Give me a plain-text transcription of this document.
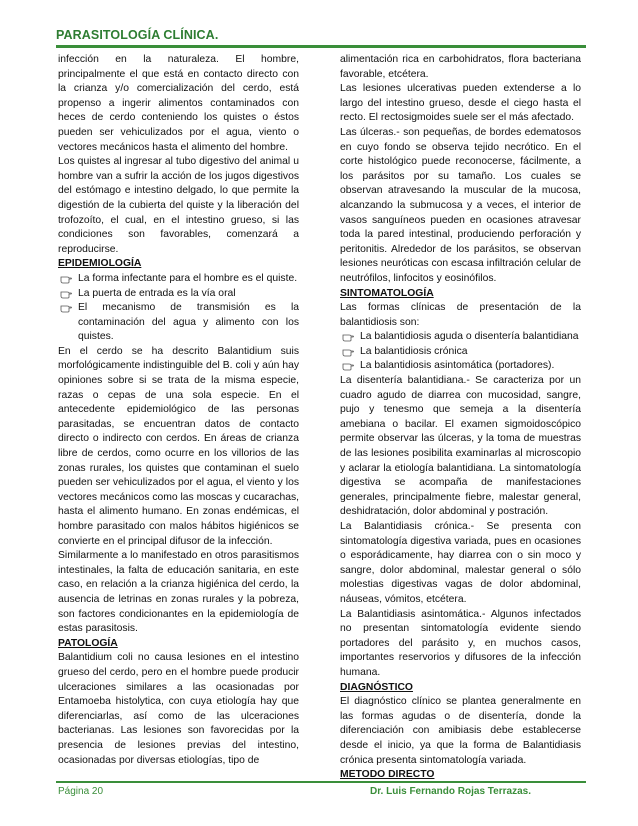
PARASITOLOGÍA CLÍNICA.

infección en la naturaleza. El hombre, principalmente el que está en contacto directo con la crianza y/o comercialización del cerdo, está propenso a ingerir alimentos contaminados con heces de cerdo conteniendo los quistes o éstos pueden ser vehiculizados por el agua, viento o vectores mecánicos hasta el alimento del hombre.

Los quistes al ingresar al tubo digestivo del animal u hombre van a sufrir la acción de los jugos digestivos del estómago e intestino delgado, lo que permite la digestión de la cubierta del quiste y la liberación del trofozoíto, el cual, en el intestino grueso, si las condiciones son favorables, comenzará a reproducirse.

EPIDEMIOLOGÍA

La forma infectante para el hombre es el quiste.
La puerta de entrada es la vía oral
El mecanismo de transmisión es la contaminación del agua y alimento con los quistes.

En el cerdo se ha descrito Balantidium suis morfológicamente indistinguible del B. coli y aún hay opiniones sobre si se trata de la misma especie, razas o cepas de una sola especie. En el antecedente epidemiológico de las personas parasitadas, se encuentran datos de contacto directo o indirecto con cerdos. En áreas de crianza libre de cerdos, como ocurre en los villorios de las zonas rurales, los quistes que contaminan el suelo pueden ser vehiculizados por el agua, el viento y los vectores mecánicos como las moscas y cucarachas, hasta el alimento humano. En zonas endémicas, el hombre parasitado con malos hábitos higiénicos se convierte en el principal difusor de la infección.

Similarmente a lo manifestado en otros parasitismos intestinales, la falta de educación sanitaria, en este caso, en relación a la crianza higiénica del cerdo, la ausencia de letrinas en zonas rurales y la pobreza, son factores condicionantes en la epidemiología de estas parasitosis.

PATOLOGÍA

Balantidium coli no causa lesiones en el intestino grueso del cerdo, pero en el hombre puede producir ulceraciones similares a las ocasionadas por Entamoeba histolytica, con cuya etiología hay que diferenciarlas, así como de las ulceraciones bacterianas. Las lesiones son favorecidas por la presencia de lesiones previas del intestino, ocasionadas por diversas etiologías, tipo de

alimentación rica en carbohidratos, flora bacteriana favorable, etcétera.

Las lesiones ulcerativas pueden extenderse a lo largo del intestino grueso, desde el ciego hasta el recto. El rectosigmoides suele ser el más afectado.

Las úlceras.- son pequeñas, de bordes edematosos en cuyo fondo se observa tejido necrótico. En el corte histológico puede reconocerse, fácilmente, a los parásitos por su tamaño. Los cuales se observan atravesando la muscular de la mucosa, alcanzando la submucosa y a veces, el interior de vasos sanguíneos pueden en ocasiones atravesar toda la pared intestinal, produciendo perforación y peritonitis. Alrededor de los parásitos, se observan lesiones neuróticas con escasa infiltración celular de neutrófilos, linfocitos y eosinófilos.

SINTOMATOLOGÍA

Las formas clínicas de presentación de la balantidiosis son:

La balantidiosis aguda o disentería balantidiana
La balantidiosis crónica
La balantidiosis asintomática (portadores).

La disentería balantidiana.- Se caracteriza por un cuadro agudo de diarrea con mucosidad, sangre, pujo y tenesmo que semeja a la disentería amebiana o bacilar. El examen sigmoidoscópico permite observar las úlceras, y la toma de muestras de las lesiones posibilita examinarlas al microscopio y aclarar la etiología balantidiana. La sintomatología digestiva se acompaña de manifestaciones generales, principalmente fiebre, malestar general, deshidratación, dolor abdominal y postración.

La Balantidiasis crónica.- Se presenta con sintomatología digestiva variada, pues en ocasiones o esporádicamente, hay diarrea con o sin moco y sangre, dolor abdominal, malestar general o sólo molestias digestivas vagas de dolor abdominal, náuseas, vómitos, etcétera.

La Balantidiasis asintomática.- Algunos infectados no presentan sintomatología evidente siendo portadores del parásito y, en muchos casos, importantes reservorios y difusores de la infección humana.

DIAGNÓSTICO

El diagnóstico clínico se plantea generalmente en las formas agudas o de disentería, donde la diferenciación con amibiasis debe establecerse desde el inicio, ya que la forma de Balantidiasis crónica presenta sintomatología variada.

METODO DIRECTO

Página 20	Dr. Luis Fernando Rojas Terrazas.
